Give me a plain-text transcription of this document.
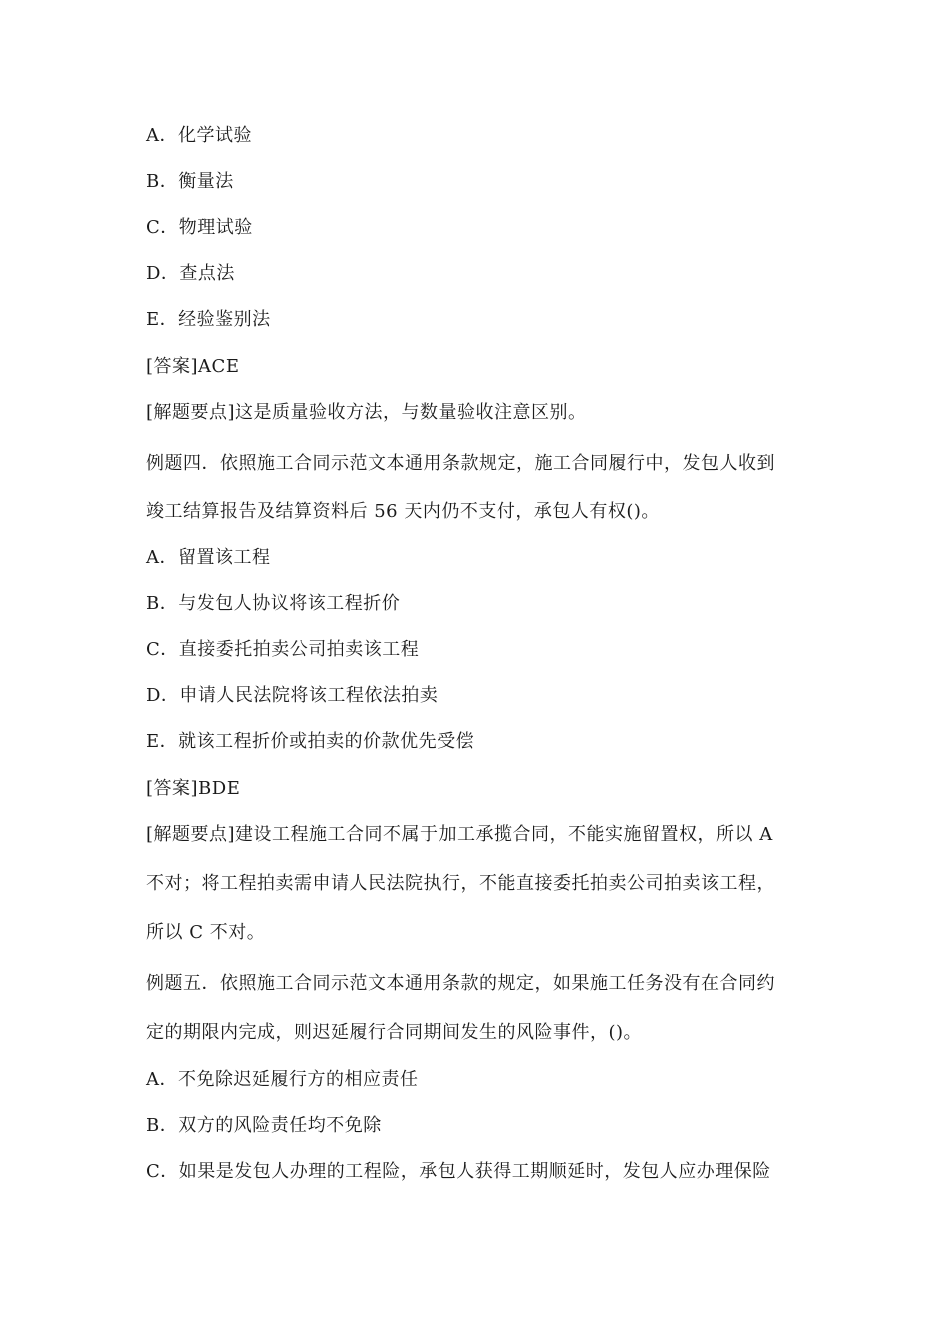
A．化学试验
B．衡量法
C．物理试验
D．查点法
E．经验鉴别法
[答案]ACE
[解题要点]这是质量验收方法，与数量验收注意区别。
例题四．依照施工合同示范文本通用条款规定，施工合同履行中，发包人收到
竣工结算报告及结算资料后 56 天内仍不支付，承包人有权()。
A．留置该工程
B．与发包人协议将该工程折价
C．直接委托拍卖公司拍卖该工程
D．申请人民法院将该工程依法拍卖
E．就该工程折价或拍卖的价款优先受偿
[答案]BDE
[解题要点]建设工程施工合同不属于加工承揽合同，不能实施留置权，所以 A
不对；将工程拍卖需申请人民法院执行，不能直接委托拍卖公司拍卖该工程，
所以 C 不对。
例题五．依照施工合同示范文本通用条款的规定，如果施工任务没有在合同约
定的期限内完成，则迟延履行合同期间发生的风险事件，()。
A．不免除迟延履行方的相应责任
B．双方的风险责任均不免除
C．如果是发包人办理的工程险，承包人获得工期顺延时，发包人应办理保险
